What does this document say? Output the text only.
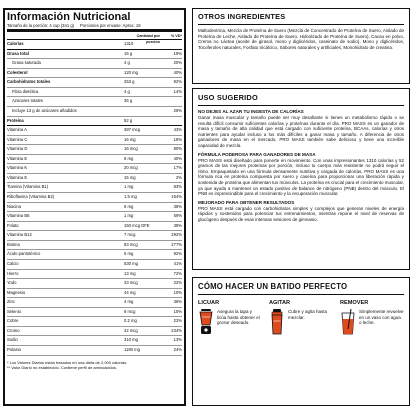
Información Nutricional
Tamaño de la porción: 4 cup (341 g) Porciones por envase: Aprox. 16
Cantidad por porción
% VD*
Calorías	1310
Grasa total	15 g	19%
Grasa saturada	4 g	20%
Colesterol	120 mg	40%
Carbohidratos totales	253 g	92%
Fibra dietética	4 g	14%
Azúcares totales	36 g
Incluye 13 g de azúcares añadidos	26%
Proteína	52 g
Vitamina A	387 mcg	43%
Vitamina C	16 mg	18%
Vitamina D	16 mcg	80%
Vitamina E	6 mg	40%
Vitamina K	20 mcg	17%
Vitamina E	15 mg	2%
Tiamina (Vitamina B1)	1 mg	83%
Riboflavina (Vitamina B2)	1.5 mg	154%
Niacina	6 mg	38%
Vitamina B6	1 mg	59%
Folato	150 mcg DFE	38%
Vitamina B12	7 mcg	292%
Biotina	83 mcg	277%
Ácido pantoténico	5 mg	92%
Calcio	530 mg	41%
Hierro	13 mg	72%
Yodo	33 mcg	22%
Magnesio	44 mg	10%
Zinc	4 mg	36%
Selenio	8 mcg	15%
Cobre	0.2 mg	22%
Cromo	42 mcg	234%
Sodio	310 mg	13%
Potasio	1180 mg	24%
* Los Valores Diarios están basados en una dieta de 2,000 calorías.
** Valor Diario no establecido. Contiene perfil de aminoácidos.
OTROS INGREDIENTES
Maltodextrina, Mezcla de Proteína de Suero (Mezcla de Concentrado de Proteína de Suero, Aislado de Proteína de Leche, Aislado de Proteína de Suero, Hidrolizado de Proteína de Suero), Cacao en polvo, Crema no Láctea (aceite de girasol, mono y diglicéridos, caseinato de sodio), Mono y diglicéridos, Tocoferoles naturales, Fosfato tricálcico, Sabores naturales y artificiales, Monohidrato de creatina.
USO SUGERIDO
NO DEJES AL AZAR TU INGESTA DE CALORÍAS
Ganar masa muscular y tamaño puede ser muy desafiante si tienes un metabolismo rápido o se resulta difícil consumir suficientes calorías y proteínas durante el día. PRO MASS es un ganador de masa y tamaño de alta calidad que está cargado con suficiente proteína, BCAAs, calorías y otros nutrientes para ayudar incluso a los más difíciles a ganar masa y tamaño. A diferencia de otros ganadores de masa en el mercado, PRO MASS también sabe delicioso y tiene una increíble capacidad de mezcla.
FÓRMULA PODEROSA PARA GANADORES DE MASA
PRO MASS está diseñado para ponerte en movimiento. Con unas impresionantes 1310 calorías y 52 gramos de las mejores proteínas por porción, incluso tu cuerpo más resistente no podrá seguir el ritmo. Empaquetado en una fórmula densamente nutritiva y cargada de calorías, PRO MASS es una fórmula rica en proteína compuesta por suero y caseína para proporcionar una liberación rápida y sostenida de proteína que alimentan tus músculos. La proteína es crucial para el crecimiento muscular, ya que ayuda a mantener un estado positivo de balance de nitrógeno (PNB) dentro del músculo. El PNB es imprescindible para el crecimiento y la recuperación muscular.
MEJORADO PARA OBTENER RESULTADOS
PRO MASS está cargado con carbohidratos simples y complejos que generan niveles de energía rápidos y sostenidos para potenciar tus entrenamientos, mientras repone el nivel de reservas de glucógeno después de esas intensas sesiones de gimnasio.
CÓMO HACER UN BATIDO PERFECTO
LICUAR
Asegura la tapa y licúa hasta obtener el grosor deseado.
AGITAR
Cubre y agita hasta mezclar.
REMOVER
Simplemente revuelve en un vaso con agua o leche.
